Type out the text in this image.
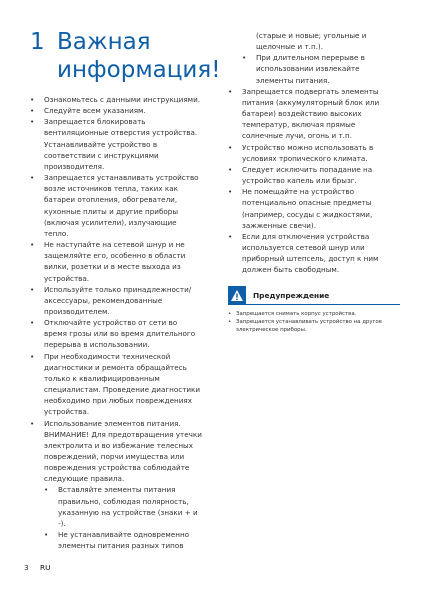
1 Важная информация!
• Ознакомьтесь с данными инструкциями.
• Следуйте всем указаниям.
• Запрещается блокировать вентиляционные отверстия устройства. Устанавливайте устройство в соответствии с инструкциями производителя.
• Запрещается устанавливать устройство возле источников тепла, таких как батареи отопления, обогреватели, кухонные плиты и другие приборы (включая усилители), излучающие тепло.
• Не наступайте на сетевой шнур и не защемляйте его, особенно в области вилки, розетки и в месте выхода из устройства.
• Используйте только принадлежности/аксессуары, рекомендованные производителем.
• Отключайте устройство от сети во время грозы или во время длительного перерыва в использовании.
• При необходимости технической диагностики и ремонта обращайтесь только к квалифицированным специалистам. Проведение диагностики необходимо при любых повреждениях устройства.
• Использование элементов питания. ВНИМАНИЕ! Для предотвращения утечки электролита и во избежание телесных повреждений, порчи имущества или повреждения устройства соблюдайте следующие правила.
• Вставляйте элементы питания правильно, соблюдая полярность, указанную на устройстве (знаки + и -).
• Не устанавливайте одновременно элементы питания разных типов
(старые и новые; угольные и щелочные и т.п.).
• При длительном перерыве в использовании извлекайте элементы питания.
• Запрещается подвергать элементы питания (аккумуляторный блок или батареи) воздействию высоких температур, включая прямые солнечные лучи, огонь и т.п.
• Устройство можно использовать в условиях тропического климата.
• Следует исключить попадание на устройство капель или брызг.
• Не помещайте на устройство потенциально опасные предметы (например, сосуды с жидкостями, зажженные свечи).
• Если для отключения устройства используется сетевой шнур или приборный штепсель, доступ к ним должен быть свободным.
Предупреждение
• Запрещается снимать корпус устройства.
• Запрещается устанавливать устройство на другое электрическое приборы.
3 RU
